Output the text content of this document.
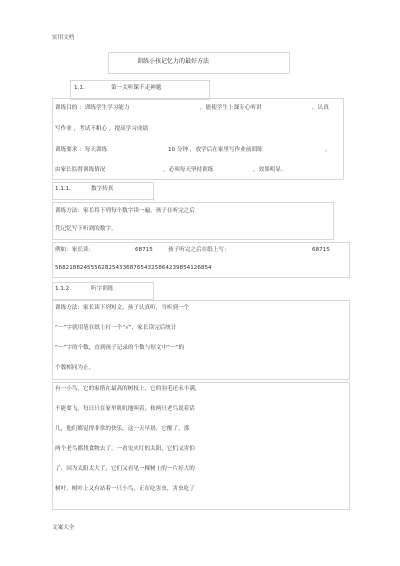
实用文档
训练小孩记忆力的最好方法
1.1.	第一关听课不走神题
训练目的 ：训练学生学习能力	，能使学生上课专心听讲	，认真
写作业 ，考试不粗心 ，提高学习成绩
训练要求 ：每天训练	10 分钟 ，放学后在家里写作业前训练	，
由家长监督训练情况	，必须每天坚持训练	，效果明显。
1.1.1.	数字传真
训练方法：家长将下列每个数字读一遍，孩子在听完之后
凭记忆写下听到的数字。
例如：家长读：	68715	孩子听完之后在纸上写：	68715
56821882455562825433687654325864239854126854
1.1.2.	听字训练
训练方法：家长读下列短文，孩子认真听，当听到一个
“一”字就用笔在纸上打一个“√”，家长读完后统计
“一”字的个数，直到孩子记录的个数与短文中“一”的
个数相同为止。
有一小鸟，它的家搭在最高的树枝上，它的羽毛还未丰满，
不能要飞，每日只在家里叽叽地叫着，和两只老鸟说着话
儿，他们都觉得非常的快乐。这一天早晨，它醒了，那
两个老鸟都找食物去了。一看见火红的太阳，它们又害怕
了，因为太阳太大了，它们又看见一棵树上的一片好大的
树叶，树叶上又有站着一只小鸟，正在吃害虫，害虫吃了
文案大全
